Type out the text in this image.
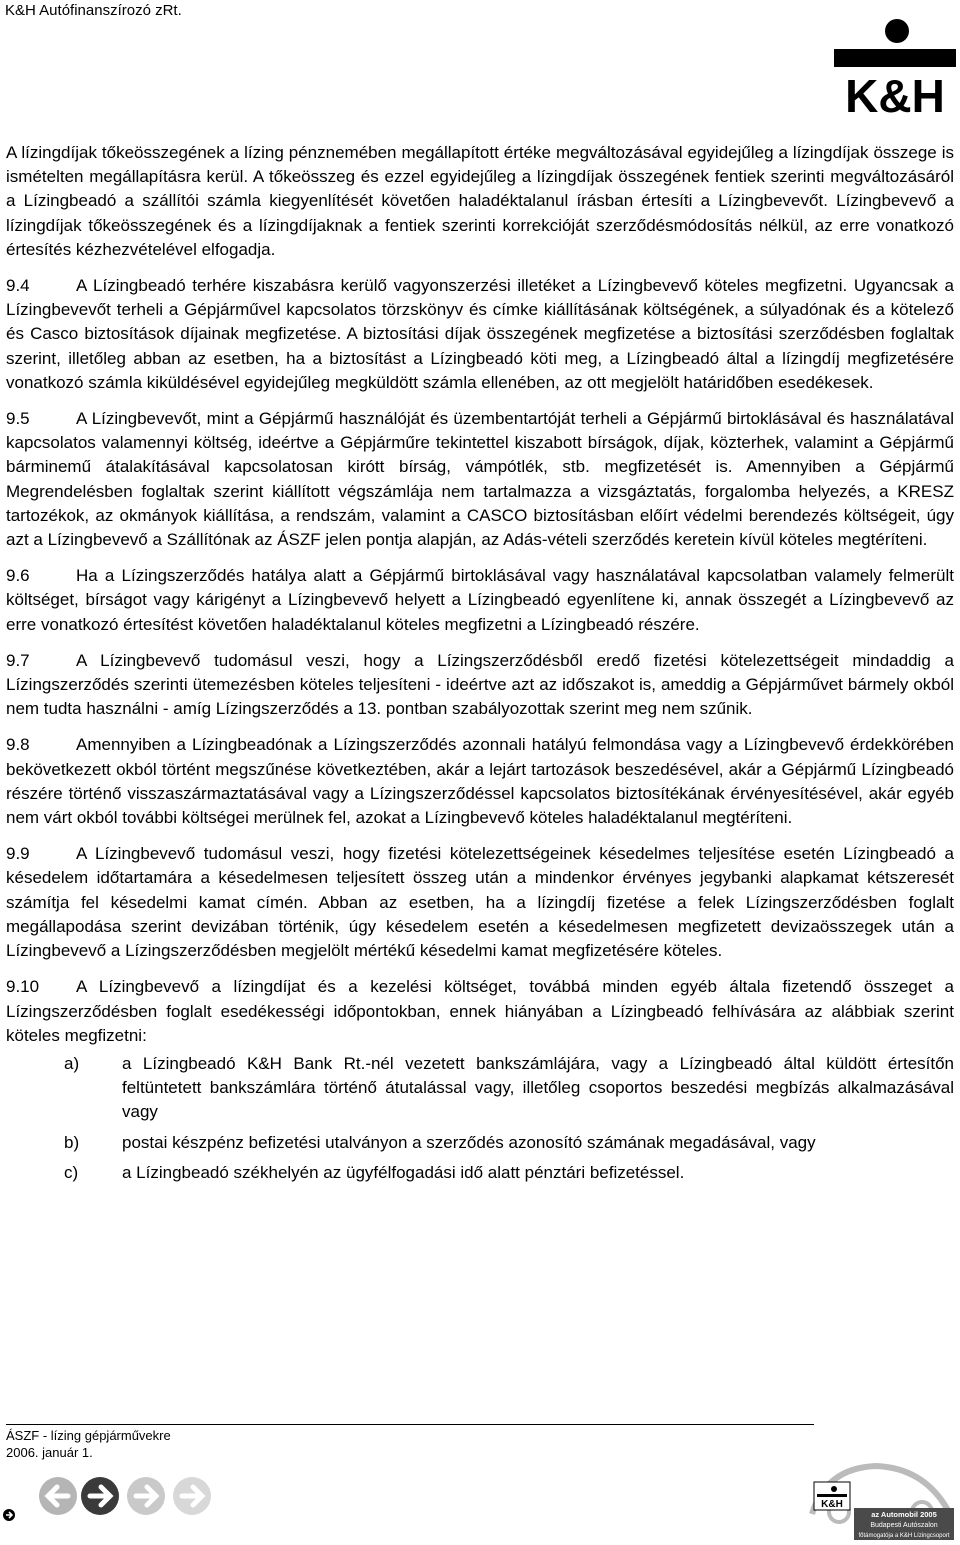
K&H Autófinanszírozó zRt.
K&H

A lízingdíjak tőkeösszegének a lízing pénznemében megállapított értéke megváltozásával egyidejűleg a lízingdíjak összege is ismételten megállapításra kerül. A tőkeösszeg és ezzel egyidejűleg a lízingdíjak összegének fentiek szerinti megváltozásáról a Lízingbeadó a szállítói számla kiegyenlítését követően haladéktalanul írásban értesíti a Lízingbevevőt. Lízingbevevő a lízingdíjak tőkeösszegének és a lízingdíjaknak a fentiek szerinti korrekcióját szerződésmódosítás nélkül, az erre vonatkozó értesítés kézhezvételével elfogadja.

9.4	A Lízingbeadó terhére kiszabásra kerülő vagyonszerzési illetéket a Lízingbevevő köteles megfizetni. Ugyancsak a Lízingbevevőt terheli a Gépjárművel kapcsolatos törzskönyv és címke kiállításának költségének, a súlyadónak és a kötelező és Casco biztosítások díjainak megfizetése. A biztosítási díjak összegének megfizetése a biztosítási szerződésben foglaltak szerint, illetőleg abban az esetben, ha a biztosítást a Lízingbeadó köti meg, a Lízingbeadó által a lízingdíj megfizetésére vonatkozó számla kiküldésével egyidejűleg megküldött számla ellenében, az ott megjelölt határidőben esedékesek.

9.5	A Lízingbevevőt, mint a Gépjármű használóját és üzembentartóját terheli a Gépjármű birtoklásával és használatával kapcsolatos valamennyi költség, ideértve a Gépjárműre tekintettel kiszabott bírságok, díjak, közterhek, valamint a Gépjármű bárminemű átalakításával kapcsolatosan kirótt bírság, vámpótlék, stb. megfizetését is. Amennyiben a Gépjármű Megrendelésben foglaltak szerint kiállított végszámlája nem tartalmazza a vizsgáztatás, forgalomba helyezés, a KRESZ tartozékok, az okmányok kiállítása, a rendszám, valamint a CASCO biztosításban előírt védelmi berendezés költségeit, úgy azt a Lízingbevevő a Szállítónak az ÁSZF jelen pontja alapján, az Adás-vételi szerződés keretein kívül köteles megtéríteni.

9.6	Ha a Lízingszerződés hatálya alatt a Gépjármű birtoklásával vagy használatával kapcsolatban valamely felmerült költséget, bírságot vagy kárigényt a Lízingbevevő helyett a Lízingbeadó egyenlítene ki, annak összegét a Lízingbevevő az erre vonatkozó értesítést követően haladéktalanul köteles megfizetni a Lízingbeadó részére.

9.7	A Lízingbevevő tudomásul veszi, hogy a Lízingszerződésből eredő fizetési kötelezettségeit mindaddig a Lízingszerződés szerinti ütemezésben köteles teljesíteni - ideértve azt az időszakot is, ameddig a Gépjárművet bármely okból nem tudta használni - amíg Lízingszerződés a 13. pontban szabályozottak szerint meg nem szűnik.

9.8	Amennyiben a Lízingbeadónak a Lízingszerződés azonnali hatályú felmondása vagy a Lízingbevevő érdekkörében bekövetkezett okból történt megszűnése következtében, akár a lejárt tartozások beszedésével, akár a Gépjármű Lízingbeadó részére történő visszaszármaztatásával vagy a Lízingszerződéssel kapcsolatos biztosítékának érvényesítésével, akár egyéb nem várt okból további költségei merülnek fel, azokat a Lízingbevevő köteles haladéktalanul megtéríteni.

9.9	A Lízingbevevő tudomásul veszi, hogy fizetési kötelezettségeinek késedelmes teljesítése esetén Lízingbeadó a késedelem időtartamára a késedelmesen teljesített összeg után a mindenkor érvényes jegybanki alapkamat kétszeresét számítja fel késedelmi kamat címén. Abban az esetben, ha a lízingdíj fizetése a felek Lízingszerződésben foglalt megállapodása szerint devizában történik, úgy késedelem esetén a késedelmesen megfizetett devizaösszegek után a Lízingbevevő a Lízingszerződésben megjelölt mértékű késedelmi kamat megfizetésére köteles.

9.10 A Lízingbevevő a lízingdíjat és a kezelési költséget, továbbá minden egyéb általa fizetendő összeget a Lízingszerződésben foglalt esedékességi időpontokban, ennek hiányában a Lízingbeadó felhívására az alábbiak szerint köteles megfizetni:

a)	a Lízingbeadó K&H Bank Rt.-nél vezetett bankszámlájára, vagy a Lízingbeadó által küldött értesítőn feltüntetett bankszámlára történő átutalással vagy, illetőleg csoportos beszedési megbízás alkalmazásával vagy
b)	postai készpénz befizetési utalványon a szerződés azonosító számának megadásával, vagy
c)	a Lízingbeadó székhelyén az ügyfélfogadási idő alatt pénztári befizetéssel.
ÁSZF - lízing gépjárművekre
2006. január 1.
K&H
az Automobil 2005
Budapesti Autószalon
főtámogatója a K&H Lízingcsoport
